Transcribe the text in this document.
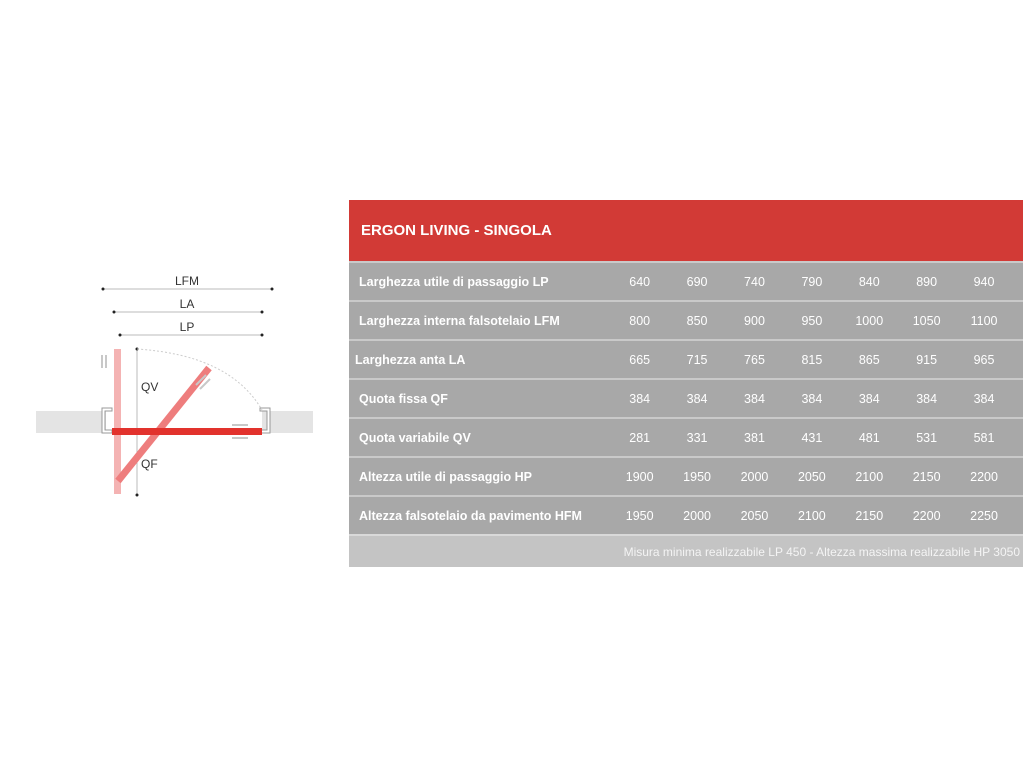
LFM
LA
LP
QV
QF
ERGON LIVING - SINGOLA
Larghezza utile di passaggio LP	640	690	740	790	840	890	940
Larghezza interna falsotelaio LFM	800	850	900	950	1000	1050	1100
Larghezza anta LA	665	715	765	815	865	915	965
Quota fissa QF	384	384	384	384	384	384	384
Quota variabile QV	281	331	381	431	481	531	581
Altezza utile di passaggio HP	1900	1950	2000	2050	2100	2150	2200
Altezza falsotelaio da pavimento HFM	1950	2000	2050	2100	2150	2200	2250
Misura minima realizzabile LP 450 - Altezza massima realizzabile HP 3050
